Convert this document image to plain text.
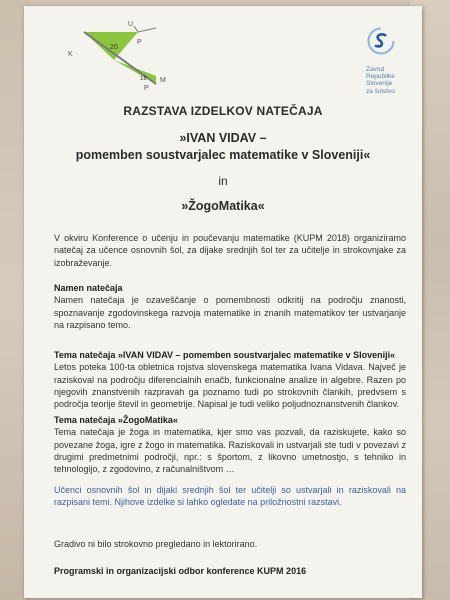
U
K
P
M
P
20
18
Zavod
Republike
Slovenije
za šolstvo
RAZSTAVA IZDELKOV NATEČAJA
»IVAN VIDAV –
pomemben soustvarjalec matematike v Sloveniji«
in
»ŽogoMatika«
V okviru Konference o učenju in poučevanju matematike (KUPM 2018) organiziramo natečaj za učence osnovnih šol, za dijake srednjih šol ter za učitelje in strokovnjake za izobraževanje.
Namen natečaja
Namen natečaja je ozaveščanje o pomembnosti odkritij na področju znanosti, spoznavanje zgodovinskega razvoja matematike in znanih matematikov ter ustvarjanje na razpisano temo.
Tema natečaja »IVAN VIDAV – pomemben soustvarjalec matematike v Sloveniji«
Letos poteka 100-ta obletnica rojstva slovenskega matematika Ivana Vidava. Največ je raziskoval na področju diferencialnih enačb, funkcionalne analize in algebre. Razen po njegovih znanstvenih razpravah ga poznamo tudi po strokovnih člankih, predvsem s področja teorije števil in geometrije. Napisal je tudi veliko poljudnoznanstvenih člankov.
Tema natečaja »ŽogoMatika«
Tema natečaja je žoga in matematika, kjer smo vas pozvali, da raziskujete, kako so povezane žoga, igre z žogo in matematika. Raziskovali in ustvarjali ste tudi v povezavi z drugimi predmetnimi področji, npr.: s športom, z likovno umetnostjo, s tehniko in tehnologijo, z zgodovino, z računalništvom …
Učenci osnovnih šol in dijaki srednjih šol ter učitelji so ustvarjali in raziskovali na razpisani temi. Njihove izdelke si lahko ogledate na priložnostni razstavi.
Gradivo ni bilo strokovno pregledano in lektorirano.
Programski in organizacijski odbor konference KUPM 2016
